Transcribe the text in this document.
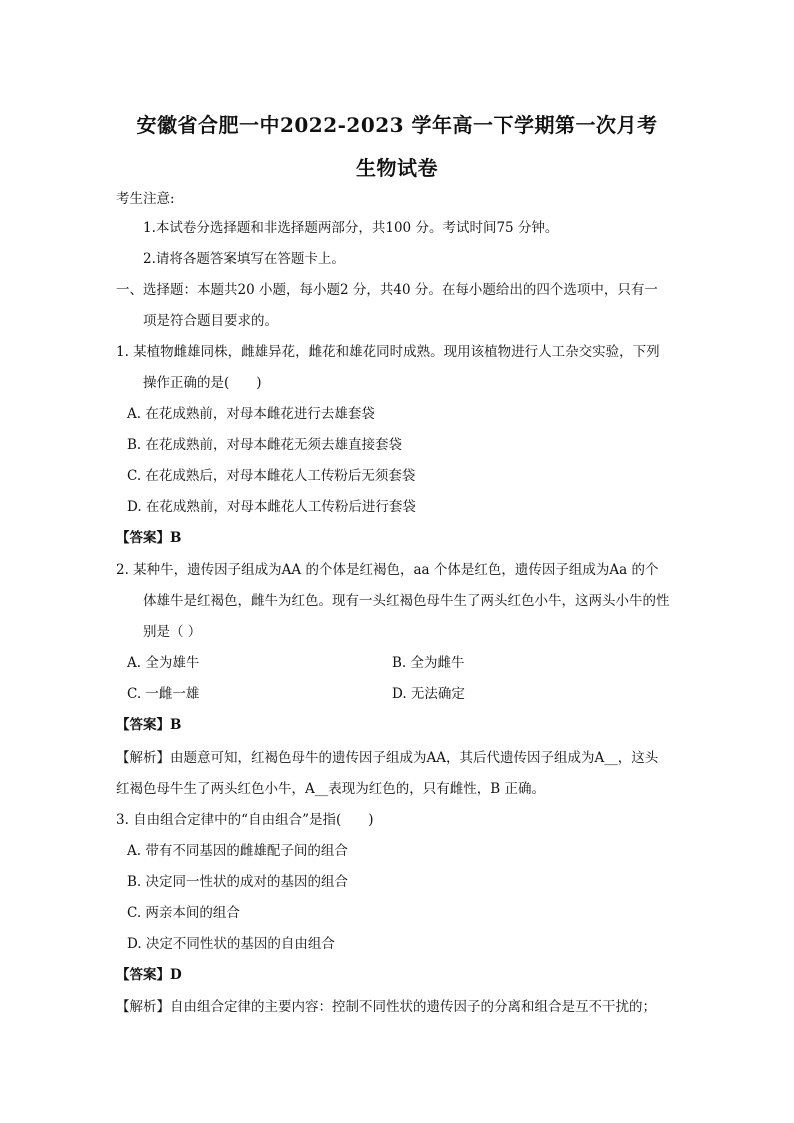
安徽省合肥一中2022-2023 学年高一下学期第一次月考
生物试卷
考生注意:
1.本试卷分选择题和非选择题两部分，共100 分。考试时间75 分钟。
2.请将各题答案填写在答题卡上。
一、选择题：本题共20 小题，每小题2 分，共40 分。在每小题给出的四个选项中，只有一
项是符合题目要求的。
1. 某植物雌雄同株，雌雄异花，雌花和雄花同时成熟。现用该植物进行人工杂交实验，下列
操作正确的是(　　)
A. 在花成熟前，对母本雌花进行去雄套袋
B. 在花成熟前，对母本雌花无须去雄直接套袋
C. 在花成熟后，对母本雌花人工传粉后无须套袋
D. 在花成熟前，对母本雌花人工传粉后进行套袋
【答案】B
2. 某种牛，遗传因子组成为AA 的个体是红褐色，aa 个体是红色，遗传因子组成为Aa 的个
体雄牛是红褐色，雌牛为红色。现有一头红褐色母牛生了两头红色小牛，这两头小牛的性
别是（ ）
A. 全为雄牛	B. 全为雌牛
C. 一雌一雄	D. 无法确定
【答案】B
【解析】由题意可知，红褐色母牛的遗传因子组成为AA，其后代遗传因子组成为A__，这头
红褐色母牛生了两头红色小牛，A__表现为红色的，只有雌性，B 正确。
3. 自由组合定律中的“自由组合”是指(　　)
A. 带有不同基因的雌雄配子间的组合
B. 决定同一性状的成对的基因的组合
C. 两亲本间的组合
D. 决定不同性状的基因的自由组合
【答案】D
【解析】自由组合定律的主要内容：控制不同性状的遗传因子的分离和组合是互不干扰的；
